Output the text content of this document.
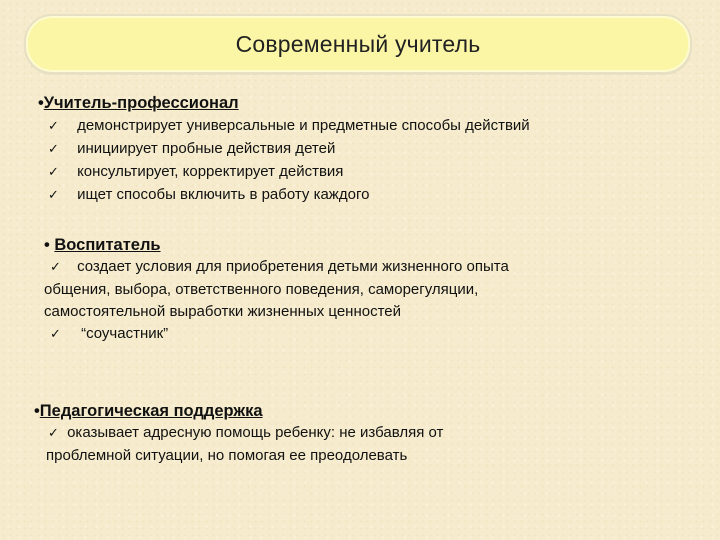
Современный учитель
•Учитель-профессионал
✓ демонстрирует универсальные и предметные способы действий
✓ инициирует пробные действия детей
✓ консультирует, корректирует действия
✓ ищет способы включить в работу каждого
• Воспитатель
✓ создает условия для приобретения детьми жизненного опыта
общения, выбора, ответственного поведения, саморегуляции,
самостоятельной выработки жизненных ценностей
✓ “соучастник”
•Педагогическая поддержка
✓ оказывает адресную помощь ребенку: не избавляя от
проблемной ситуации, но помогая ее преодолевать
